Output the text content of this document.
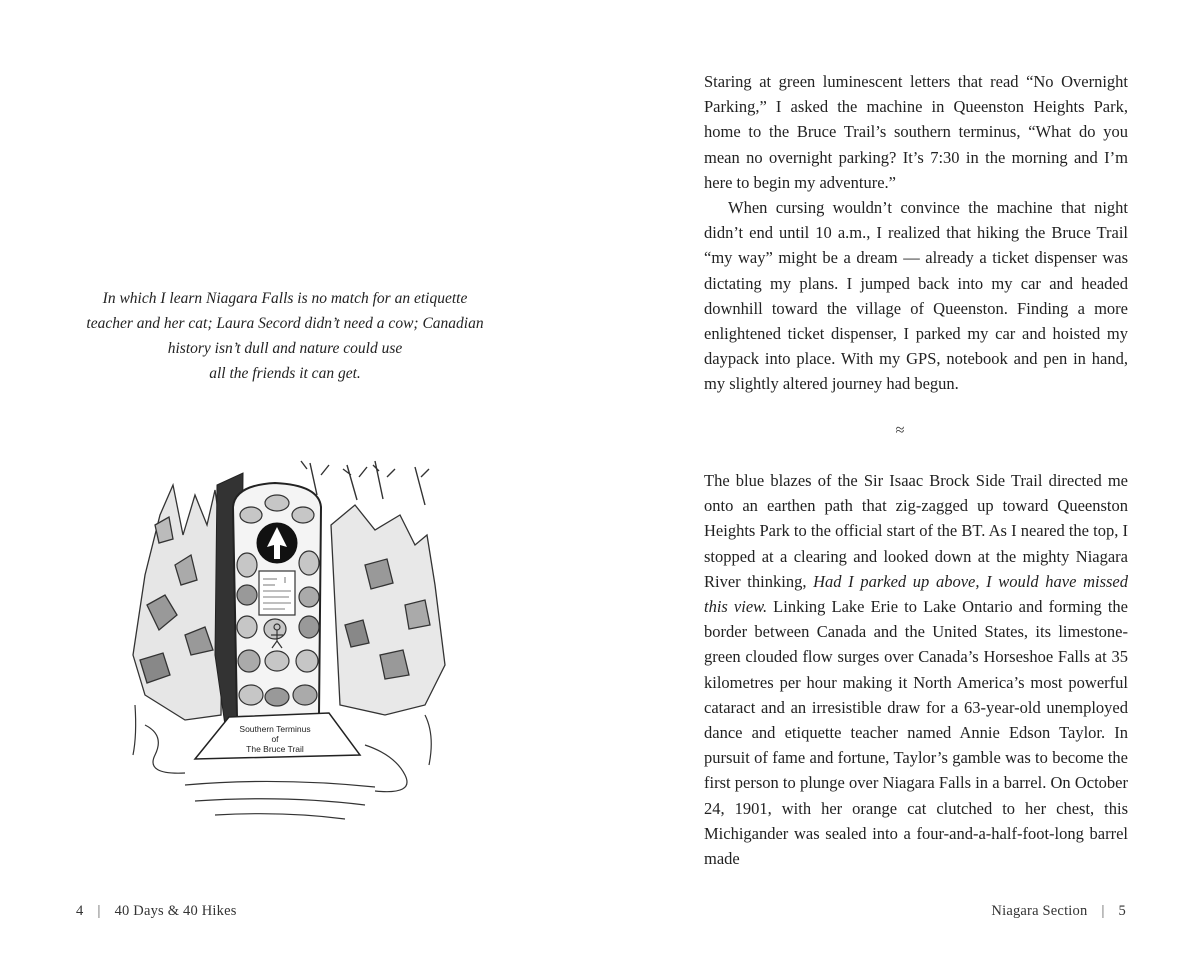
In which I learn Niagara Falls is no match for an etiquette
teacher and her cat; Laura Secord didn’t need a cow; Canadian
history isn’t dull and nature could use
all the friends it can get.
Southern Terminus
of
The Bruce Trail
4 | 40 Days & 40 Hikes

Staring at green luminescent letters that read “No Overnight Parking,” I asked the machine in Queenston Heights Park, home to the Bruce Trail’s southern terminus, “What do you mean no overnight parking? It’s 7:30 in the morning and I’m here to begin my adventure.”

When cursing wouldn’t convince the machine that night didn’t end until 10 a.m., I realized that hiking the Bruce Trail “my way” might be a dream — already a ticket dispenser was dictating my plans. I jumped back into my car and headed downhill toward the village of Queenston. Finding a more enlightened ticket dispenser, I parked my car and hoisted my daypack into place. With my GPS, notebook and pen in hand, my slightly altered journey had begun.

≈

The blue blazes of the Sir Isaac Brock Side Trail directed me onto an earthen path that zig-zagged up toward Queenston Heights Park to the official start of the BT. As I neared the top, I stopped at a clearing and looked down at the mighty Niagara River thinking, Had I parked up above, I would have missed this view. Linking Lake Erie to Lake Ontario and forming the border between Canada and the United States, its limestone-green clouded flow surges over Canada’s Horseshoe Falls at 35 kilometres per hour making it North America’s most powerful cataract and an irresistible draw for a 63-year-old unemployed dance and etiquette teacher named Annie Edson Taylor. In pursuit of fame and fortune, Taylor’s gamble was to become the first person to plunge over Niagara Falls in a barrel. On October 24, 1901, with her orange cat clutched to her chest, this Michigander was sealed into a four-and-a-half-foot-long barrel made

Niagara Section | 5
